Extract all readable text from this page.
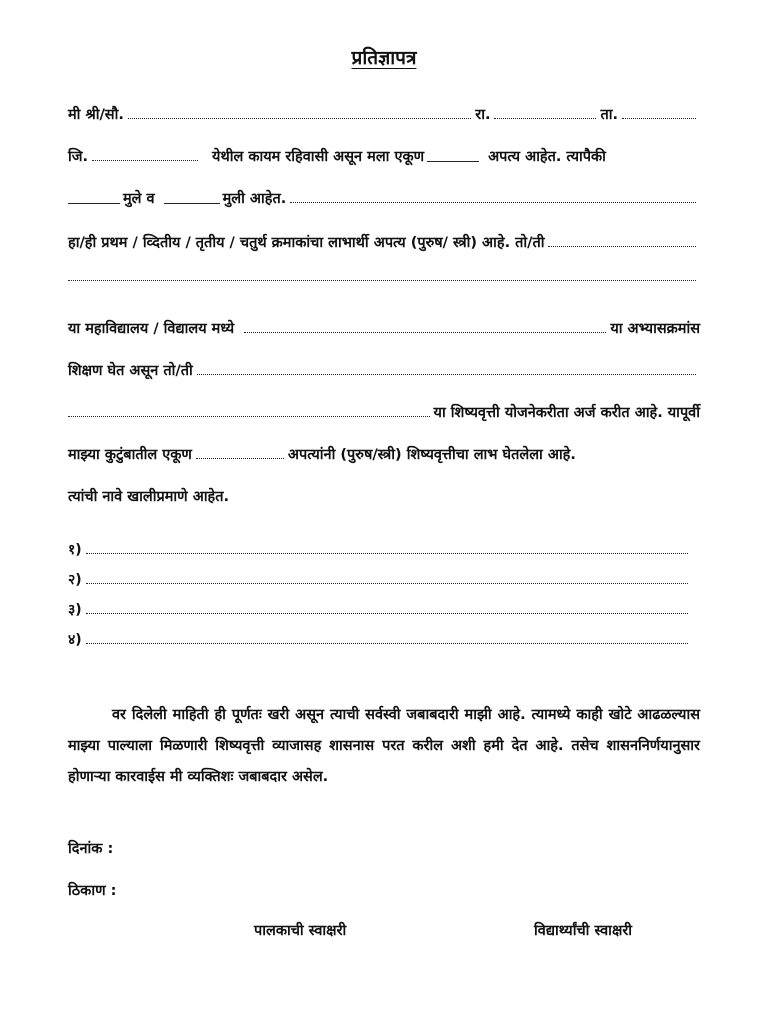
प्रतिज्ञापत्र
मी श्री/सौ.	रा.	ता.
जि.	येथील कायम रहिवासी असून मला एकूण	अपत्य आहेत. त्यापैकी
मुले व	मुली आहेत.
हा/ही प्रथम / व्दितीय / तृतीय / चतुर्थ क्रमाकांचा लाभार्थी अपत्य (पुरुष/ स्त्री) आहे. तो/ती
या महाविद्यालय / विद्यालय मध्ये	या अभ्यासक्रमांस
शिक्षण घेत असून तो/ती
या शिष्यवृत्ती योजनेकरीता अर्ज करीत आहे. यापूर्वी
माझ्या कुटुंबातील एकूण	अपत्यांनी (पुरुष/स्त्री) शिष्यवृत्तीचा लाभ घेतलेला आहे.
त्यांची नावे खालीप्रमाणे आहेत.
१)
२)
३)
४)
वर दिलेली माहिती ही पूर्णतः खरी असून त्याची सर्वस्वी जबाबदारी माझी आहे. त्यामध्ये काही खोटे आढळल्यास माझ्या पाल्याला मिळणारी शिष्यवृत्ती व्याजासह शासनास परत करील अशी हमी देत आहे. तसेच शासननिर्णयानुसार होणाऱ्या कारवाईस मी व्यक्तिशः जबाबदार असेल.
दिनांक :
ठिकाण :
पालकाची स्वाक्षरी	विद्यार्थ्यांची स्वाक्षरी
